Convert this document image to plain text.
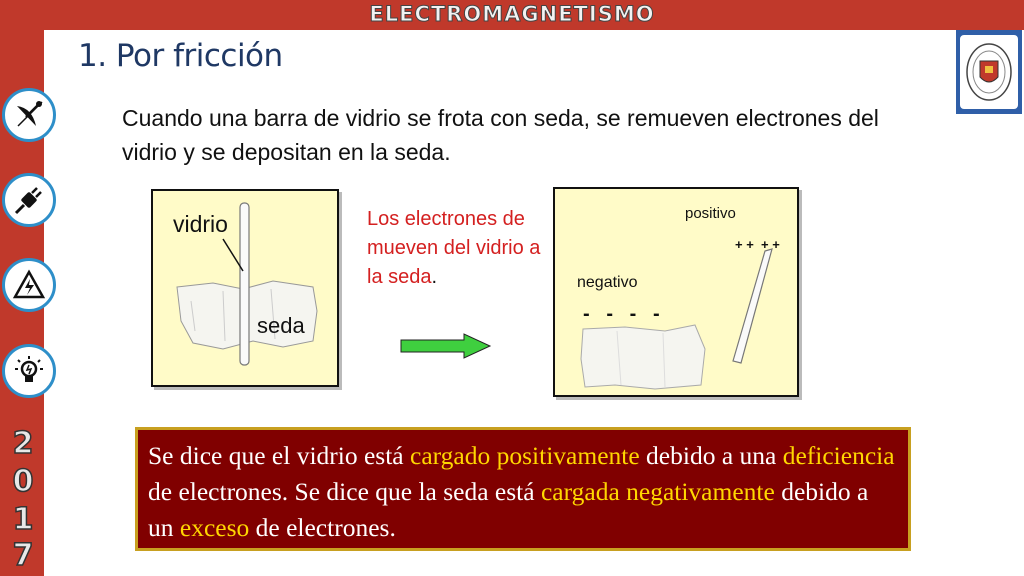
ELECTROMAGNETISMO
2
0
1
7
1. Por fricción
Cuando una barra de vidrio se frota con seda, se remueven electrones del vidrio y se depositan en la seda.
vidrio
seda
Los electrones de mueven del vidrio a la seda.
positivo
+ +  + +
negativo
-   -   -   -
Se dice que el vidrio está cargado positivamente debido a una deficiencia de electrones. Se dice que la seda está cargada negativamente debido a un exceso de electrones.
